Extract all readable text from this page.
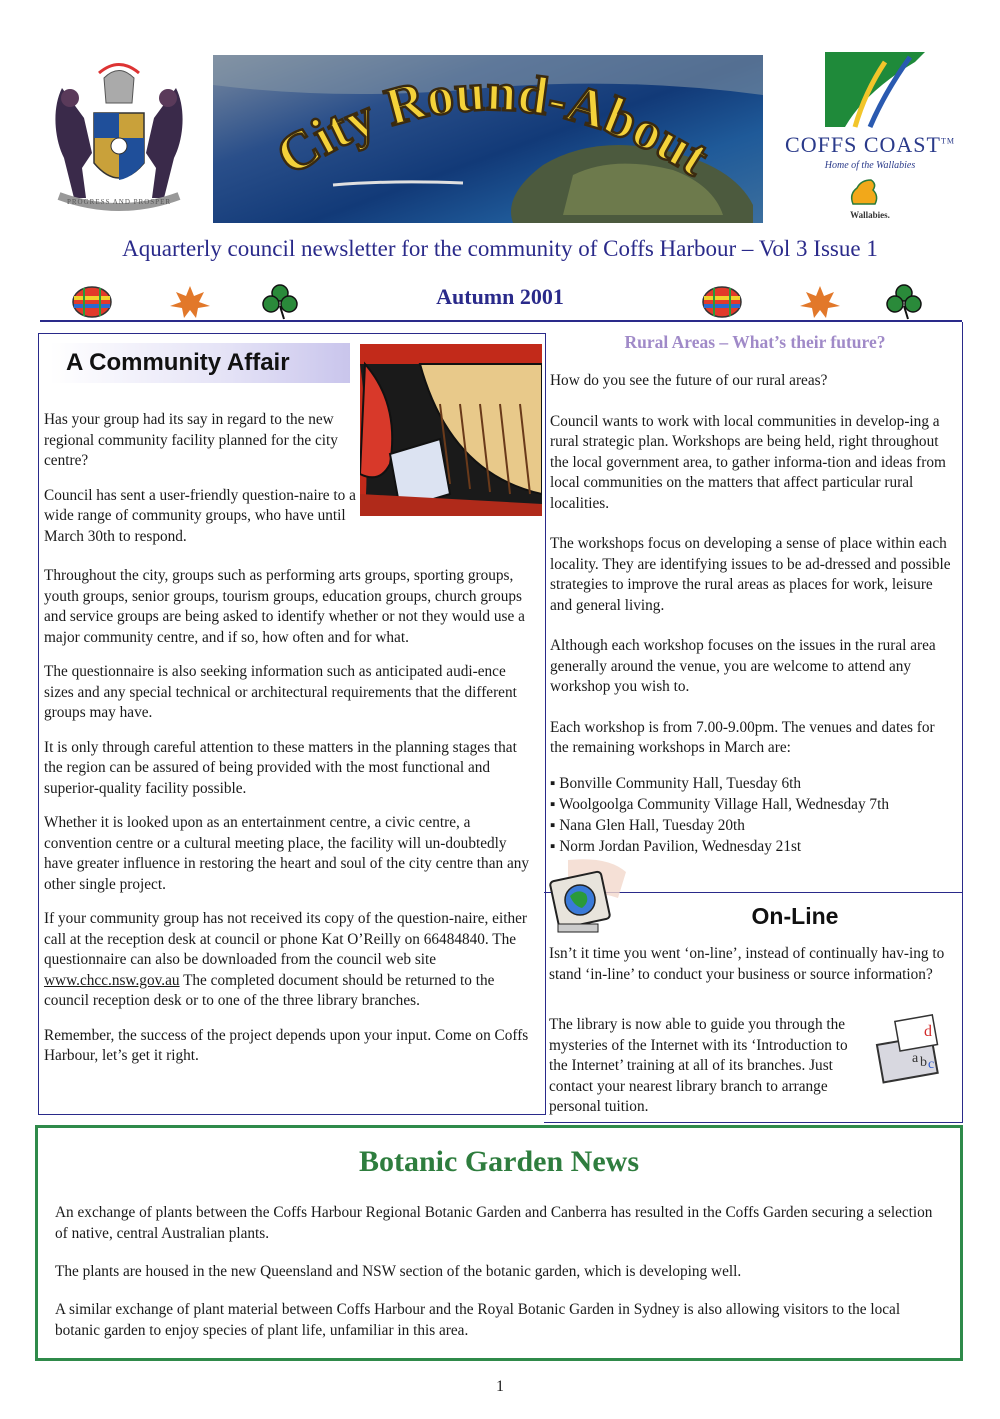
PROGRESS AND PROSPER
City Round-About	COFFS COAST™
Home of the Wallabies
Wallabies.
Aquarterly council newsletter for the community of Coffs Harbour – Vol 3 Issue 1
Autumn 2001
A Community Affair

Has your group had its say in regard to the new regional community facility planned for the city centre?

Council has sent a user-friendly question-naire to a wide range of community groups, who have until March 30th to respond.

Throughout the city, groups such as performing arts groups, sporting groups, youth groups, senior groups, tourism groups, education groups, church groups and service groups are being asked to identify whether or not they would use a major community centre, and if so, how often and for what.

The questionnaire is also seeking information such as anticipated audi-ence sizes and any special technical or architectural requirements that the different groups may have.

It is only through careful attention to these matters in the planning stages that the region can be assured of being provided with the most functional and superior-quality facility possible.

Whether it is looked upon as an entertainment centre, a civic centre, a convention centre or a cultural meeting place, the facility will un-doubtedly have greater influence in restoring the heart and soul of the city centre than any other single project.

If your community group has not received its copy of the question-naire, either call at the reception desk at council or phone Kat O’Reilly on 66484840. The questionnaire can also be downloaded from the council web site www.chcc.nsw.gov.au The completed document should be returned to the council reception desk or to one of the three library branches.

Remember, the success of the project depends upon your input. Come on Coffs Harbour, let’s get it right.

Rural Areas – What’s their future?

How do you see the future of our rural areas?

Council wants to work with local communities in develop-ing a rural strategic plan. Workshops are being held, right throughout the local government area, to gather informa-tion and ideas from local communities on the matters that affect particular rural localities.

The workshops focus on developing a sense of place within each locality. They are identifying issues to be ad-dressed and possible strategies to improve the rural areas as places for work, leisure and general living.

Although each workshop focuses on the issues in the rural area generally around the venue, you are welcome to attend any workshop you wish to.

Each workshop is from 7.00-9.00pm. The venues and dates for the remaining workshops in March are:

▪ Bonville Community Hall, Tuesday 6th
▪ Woolgoolga Community Village Hall, Wednesday 7th
▪ Nana Glen Hall, Tuesday 20th
▪ Norm Jordan Pavilion, Wednesday 21st
On-Line
Isn’t it time you went ‘on-line’, instead of continually hav-ing to stand ‘in-line’ to conduct your business or source information?
The library is now able to guide you through the mysteries of the Internet with its ‘Introduction to the Internet’ training at all of its branches. Just contact your nearest library branch to arrange personal tuition.
d
a b c
Botanic Garden News

An exchange of plants between the Coffs Harbour Regional Botanic Garden and Canberra has resulted in the Coffs Garden securing a selection of native, central Australian plants.

The plants are housed in the new Queensland and NSW section of the botanic garden, which is developing well.

A similar exchange of plant material between Coffs Harbour and the Royal Botanic Garden in Sydney is also allowing visitors to the local botanic garden to enjoy species of plant life, unfamiliar in this area.

1
